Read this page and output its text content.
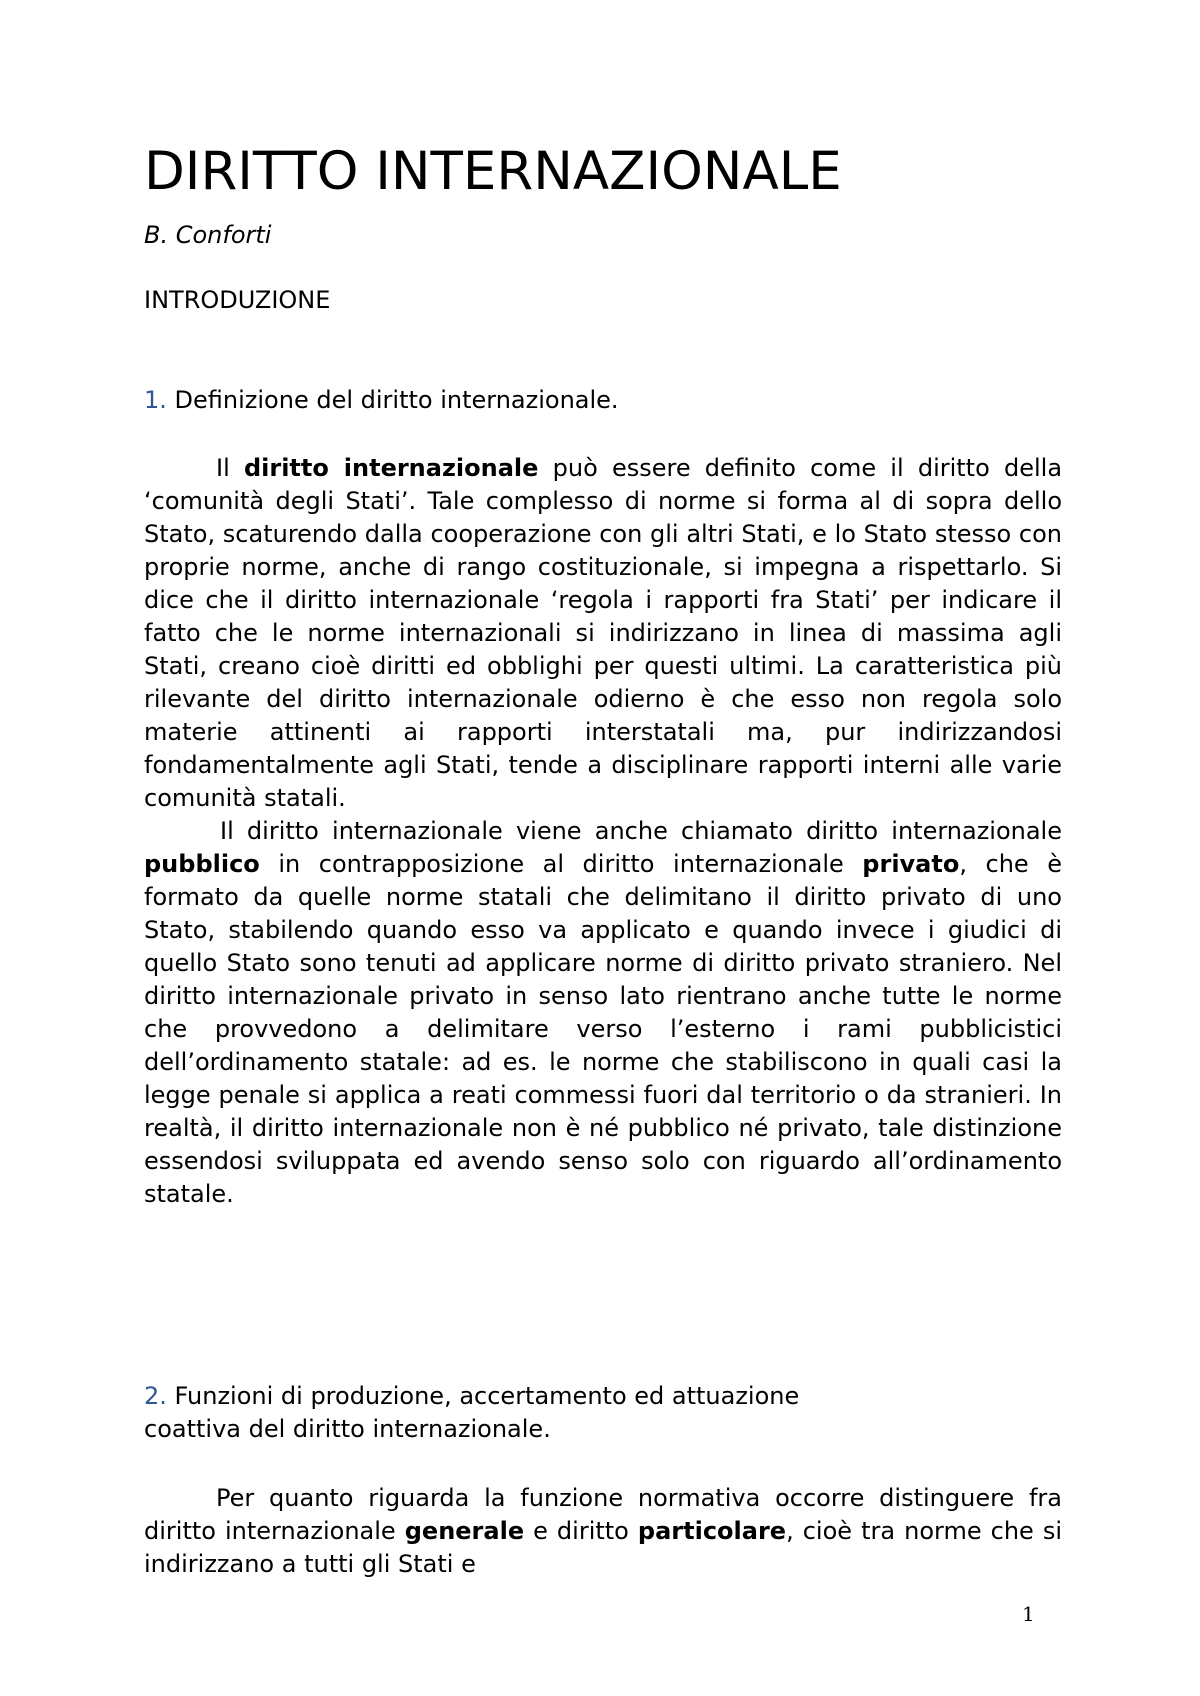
DIRITTO INTERNAZIONALE

B. Conforti

INTRODUZIONE

1. Definizione del diritto internazionale.

Il diritto internazionale può essere definito come il diritto della ‘comunità degli Stati’. Tale complesso di norme si forma al di sopra dello Stato, scaturendo dalla cooperazione con gli altri Stati, e lo Stato stesso con proprie norme, anche di rango costituzionale, si impegna a rispettarlo. Si dice che il diritto internazionale ‘regola i rapporti fra Stati’ per indicare il fatto che le norme internazionali si indirizzano in linea di massima agli Stati, creano cioè diritti ed obblighi per questi ultimi. La caratteristica più rilevante del diritto internazionale odierno è che esso non regola solo materie attinenti ai rapporti interstatali ma, pur indirizzandosi fondamentalmente agli Stati, tende a disciplinare rapporti interni alle varie comunità statali.

Il diritto internazionale viene anche chiamato diritto internazionale pubblico in contrapposizione al diritto internazionale privato, che è formato da quelle norme statali che delimitano il diritto privato di uno Stato, stabilendo quando esso va applicato e quando invece i giudici di quello Stato sono tenuti ad applicare norme di diritto privato straniero. Nel diritto internazionale privato in senso lato rientrano anche tutte le norme che provvedono a delimitare verso l’esterno i rami pubblicistici dell’ordinamento statale: ad es. le norme che stabiliscono in quali casi la legge penale si applica a reati commessi fuori dal territorio o da stranieri. In realtà, il diritto internazionale non è né pubblico né privato, tale distinzione essendosi sviluppata ed avendo senso solo con riguardo all’ordinamento statale.

2. Funzioni di produzione, accertamento ed attuazione
coattiva del diritto internazionale.

Per quanto riguarda la funzione normativa occorre distinguere fra diritto internazionale generale e diritto particolare, cioè tra norme che si indirizzano a tutti gli Stati e

1
